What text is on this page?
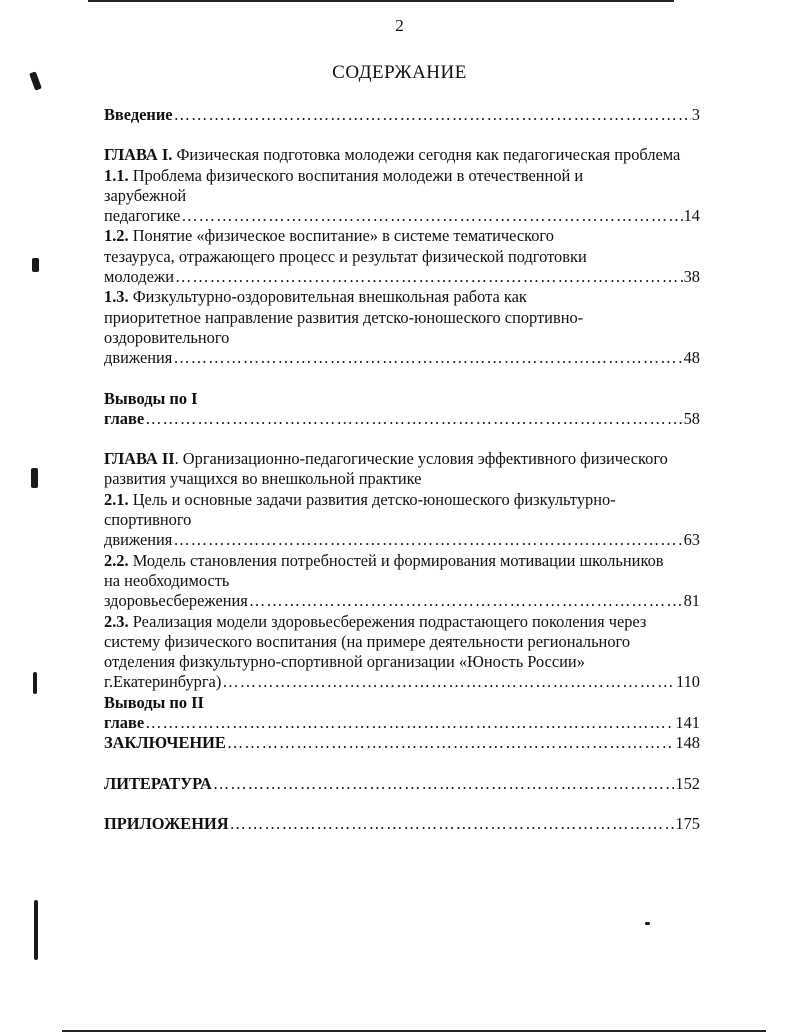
2
СОДЕРЖАНИЕ
Введение …………………………………………………………………………………………………………………………………………………………………………	3
ГЛАВА I. Физическая подготовка молодежи сегодня как педагогическая проблема
1.1. Проблема физического воспитания молодежи в отечественной и зарубежной
педагогике …………………………………………………………………………………………………………………………………………………………………………	14
1.2. Понятие «физическое воспитание» в системе тематического
тезауруса, отражающего процесс и результат физической подготовки
молодежи …………………………………………………………………………………………………………………………………………………………………………	38
1.3. Физкультурно-оздоровительная внешкольная работа как
приоритетное направление развития детско-юношеского спортивно-оздоровительного
движения …………………………………………………………………………………………………………………………………………………………………………	48
Выводы по I
главе …………………………………………………………………………………………………………………………………………………………………………	58
ГЛАВА II. Организационно-педагогические условия эффективного физического развития учащихся во внешкольной практике
2.1. Цель и основные задачи развития детско-юношеского физкультурно-спортивного
движения …………………………………………………………………………………………………………………………………………………………………………	63
2.2. Модель становления потребностей и формирования мотивации школьников на необходимость
здоровьесбережения …………………………………………………………………………………………………………………………………………………………………………	81
2.3. Реализация модели здоровьесбережения подрастающего поколения через систему физического воспитания (на примере деятельности регионального отделения физкультурно-спортивной организации «Юность России»
г.Екатеринбурга) …………………………………………………………………………………………………………………………………………………………………………	110
Выводы по II
главе …………………………………………………………………………………………………………………………………………………………………………	141
ЗАКЛЮЧЕНИЕ …………………………………………………………………………………………………………………………………………………………………………	148
ЛИТЕРАТУРА …………………………………………………………………………………………………………………………………………………………………………	152
ПРИЛОЖЕНИЯ …………………………………………………………………………………………………………………………………………………………………………	175
